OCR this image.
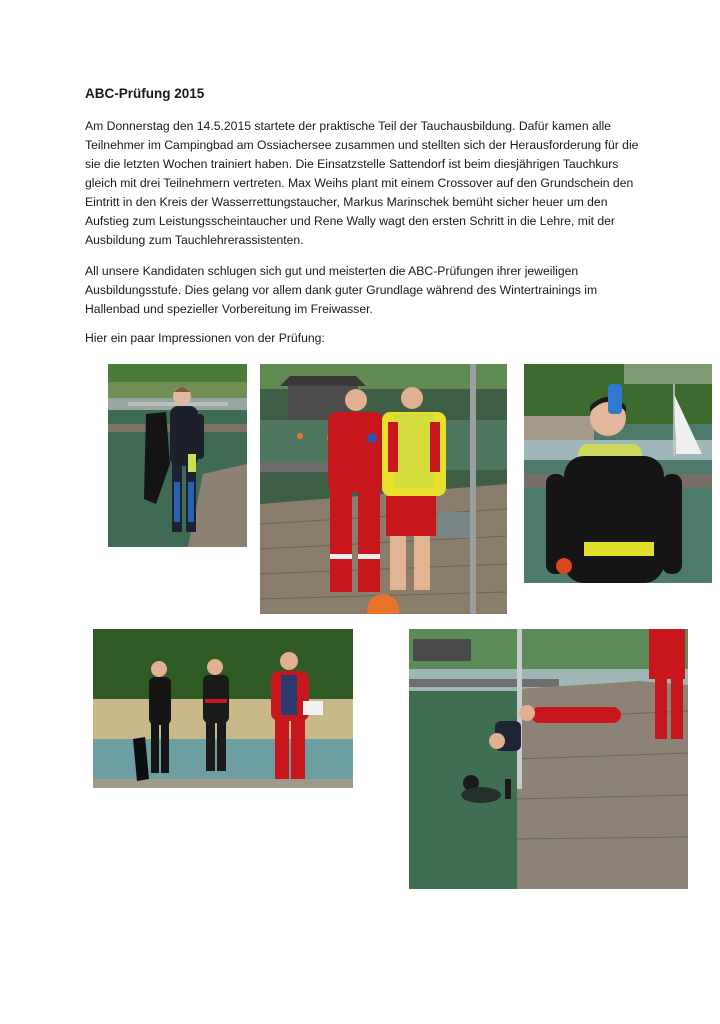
ABC-Prüfung 2015

Am Donnerstag den 14.5.2015 startete der praktische Teil der Tauchausbildung. Dafür kamen alle Teilnehmer im Campingbad am Ossiachersee zusammen und stellten sich der Herausforderung für die sie die letzten Wochen trainiert haben. Die Einsatzstelle Sattendorf ist beim diesjährigen Tauchkurs gleich mit drei Teilnehmern vertreten. Max Weihs plant mit einem Crossover auf den Grundschein den Eintritt in den Kreis der Wasserrettungstaucher, Markus Marinschek bemüht sicher heuer um den Aufstieg zum Leistungsscheintaucher und Rene Wally wagt den ersten Schritt in die Lehre, mit der Ausbildung zum Tauchlehrerassistenten.

All unsere Kandidaten schlugen sich gut und meisterten die ABC-Prüfungen ihrer jeweiligen Ausbildungsstufe. Dies gelang vor allem dank guter Grundlage während des Wintertrainings im Hallenbad und spezieller Vorbereitung im Freiwasser.

Hier ein paar Impressionen von der Prüfung:
